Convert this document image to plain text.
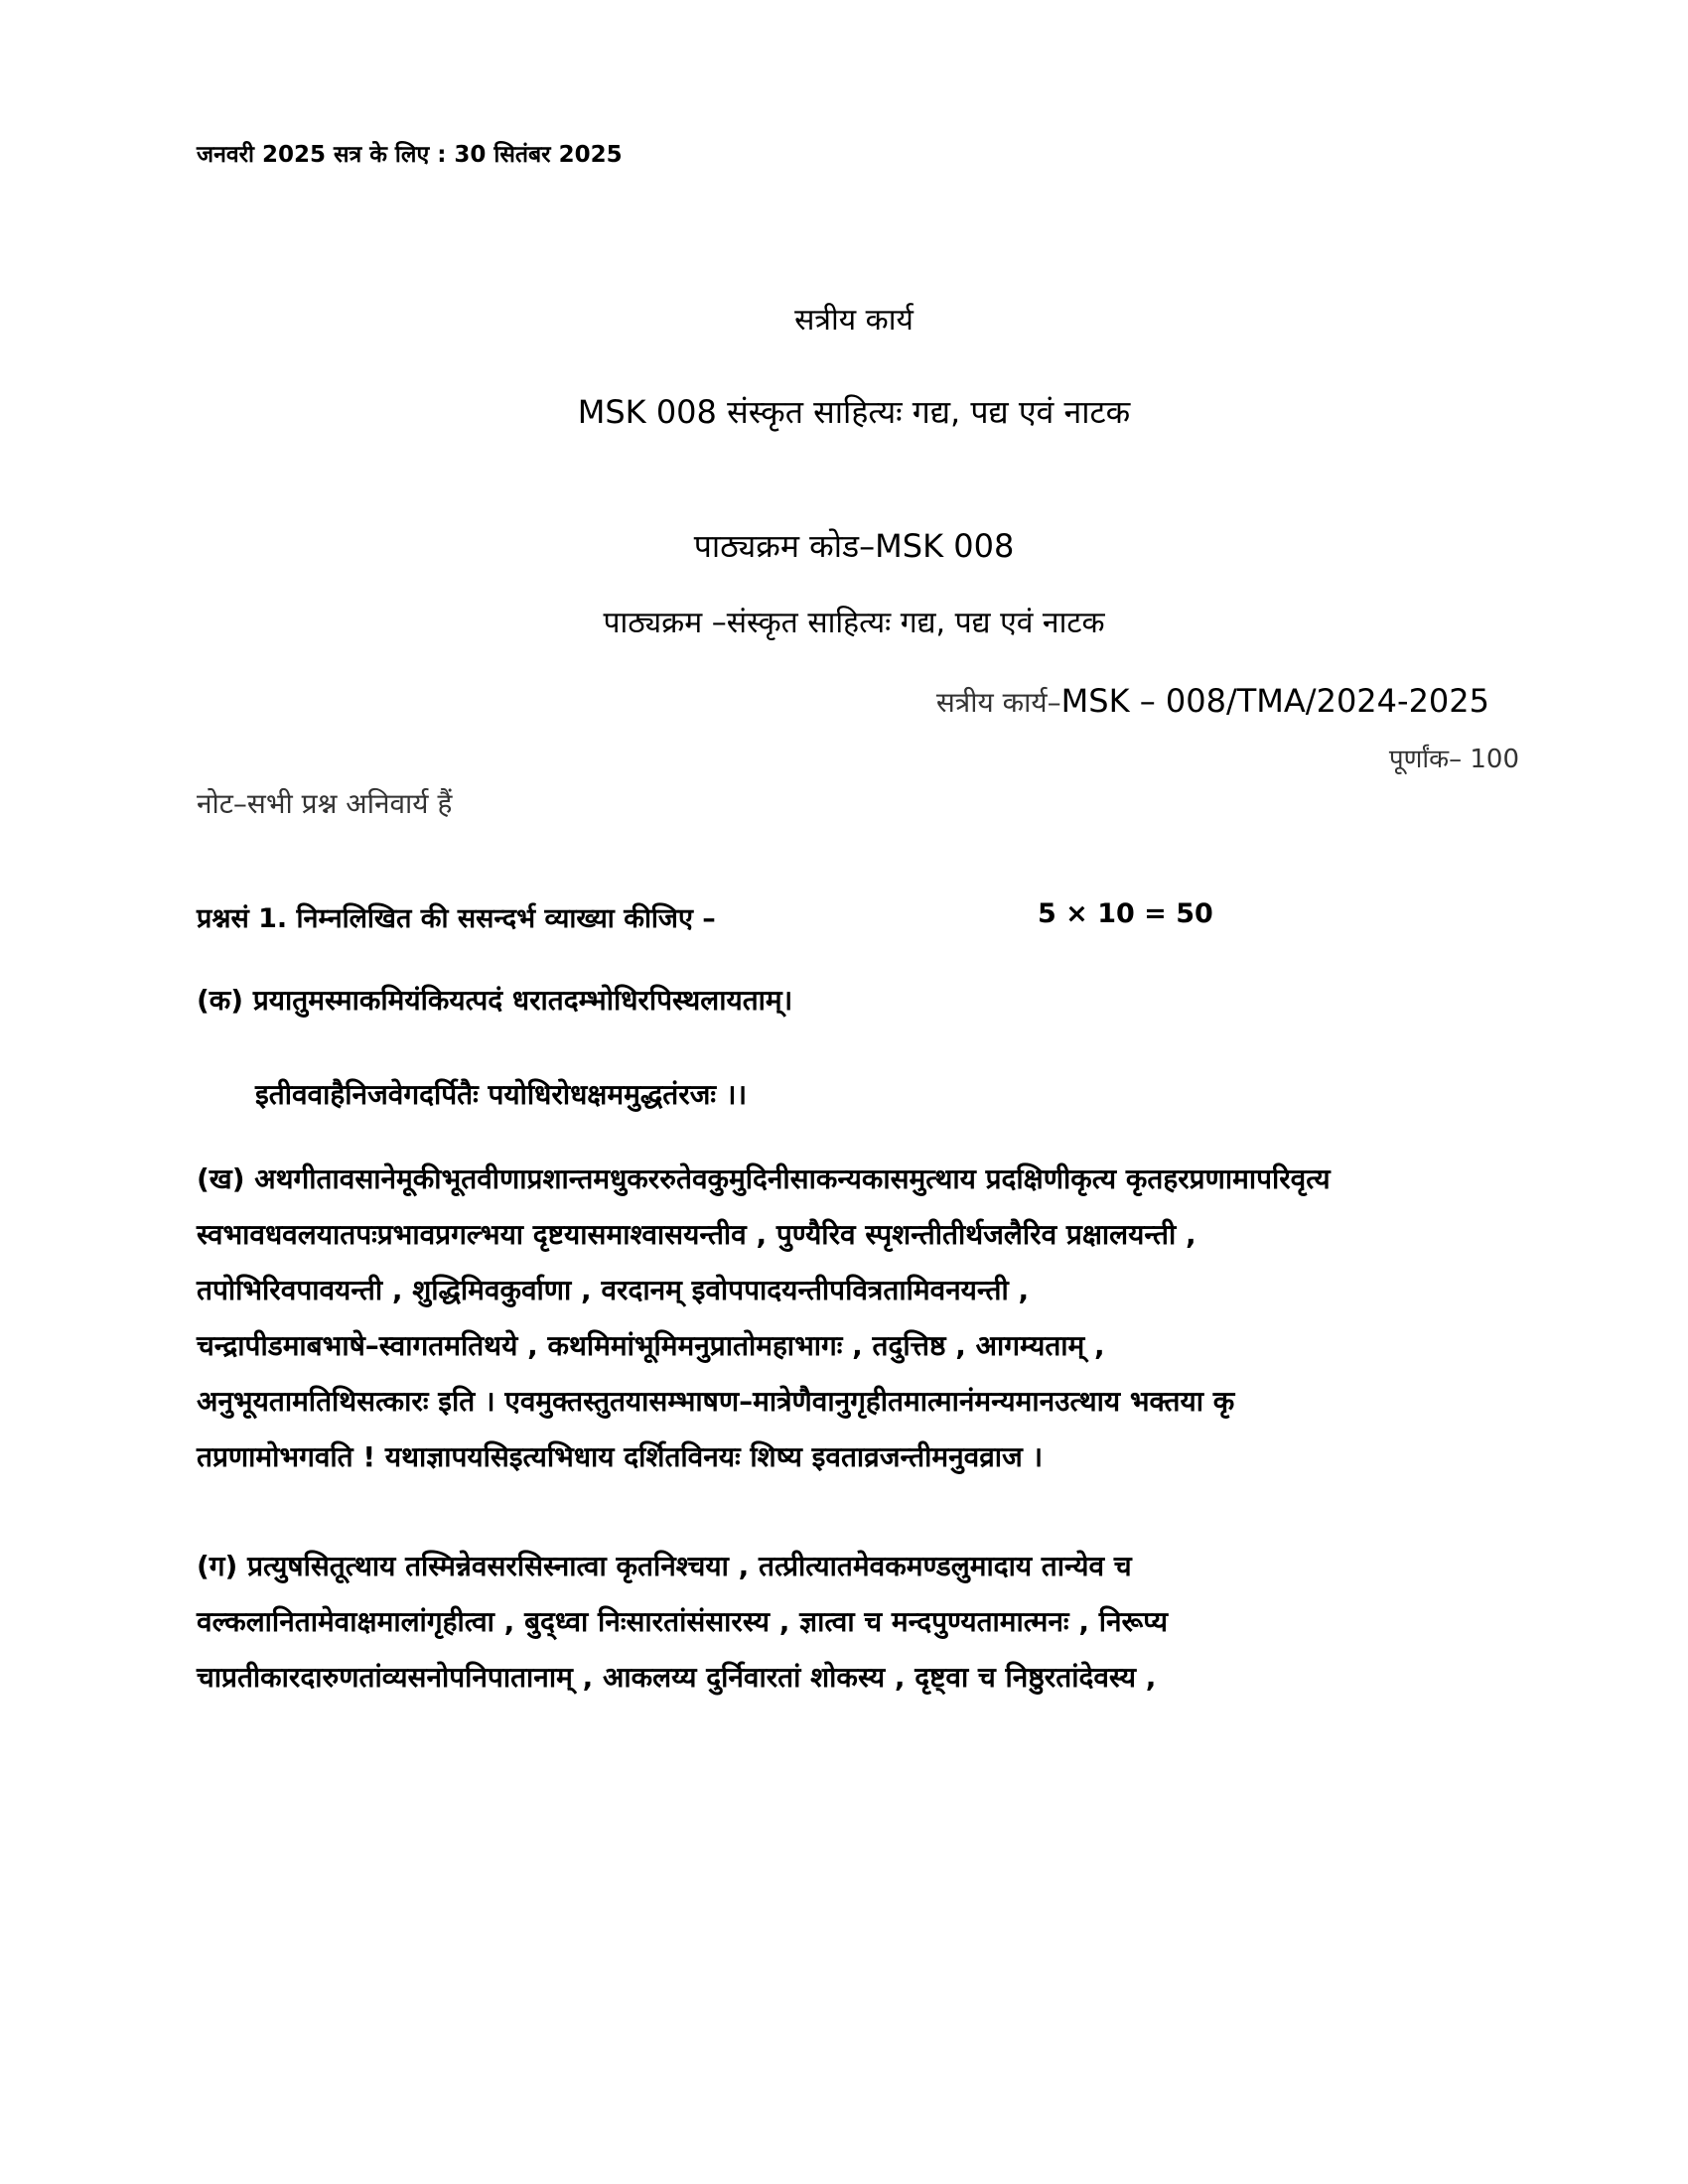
जनवरी 2025 सत्र के लिए : 30 सितंबर 2025
सत्रीय कार्य
MSK 008 संस्कृत साहित्यः गद्य, पद्य एवं नाटक
पाठ्यक्रम कोड–MSK 008
पाठ्यक्रम –संस्कृत साहित्यः गद्य, पद्य एवं नाटक
सत्रीय कार्य–MSK – 008/TMA/2024-2025
पूर्णांक– 100
नोट–सभी प्रश्न अनिवार्य हैं
प्रश्नसं 1. निम्नलिखित की ससन्दर्भ व्याख्या कीजिए –	5 × 10 = 50
(क) प्रयातुमस्माकमियंकियत्पदं धरातदम्भोधिरपिस्थलायताम्।
इतीववाहैनिजवेगदर्पितैः पयोधिरोधक्षममुद्धतंरजः ।।
(ख) अथगीतावसानेमूकीभूतवीणाप्रशान्तमधुकररुतेवकुमुदिनीसाकन्यकासमुत्थाय प्रदक्षिणीकृत्य कृतहरप्रणामापरिवृत्य
स्वभावधवलयातपःप्रभावप्रगल्भया दृष्टयासमाश्वासयन्तीव , पुण्यैरिव स्पृशन्तीतीर्थजलैरिव प्रक्षालयन्ती ,
तपोभिरिवपावयन्ती , शुद्धिमिवकुर्वाणा , वरदानम् इवोपपादयन्तीपवित्रतामिवनयन्ती ,
चन्द्रापीडमाबभाषे–स्वागतमतिथये , कथमिमांभूमिमनुप्रातोमहाभागः , तदुत्तिष्ठ , आगम्यताम् ,
अनुभूयतामतिथिसत्कारः इति । एवमुक्तस्तुतयासम्भाषण–मात्रेणैवानुगृहीतमात्मानंमन्यमानउत्थाय भक्तया कृ
तप्रणामोभगवति ! यथाज्ञापयसिइत्यभिधाय दर्शितविनयः शिष्य इवताव्रजन्तीमनुवव्राज ।
(ग) प्रत्युषसितूत्थाय तस्मिन्नेवसरसिस्नात्वा कृतनिश्चया , तत्प्रीत्यातमेवकमण्डलुमादाय तान्येव च
वल्कलानितामेवाक्षमालांगृहीत्वा , बुद्ध्वा निःसारतांसंसारस्य , ज्ञात्वा च मन्दपुण्यतामात्मनः , निरूप्य
चाप्रतीकारदारुणतांव्यसनोपनिपातानाम् , आकलय्य दुर्निवारतां शोकस्य , दृष्ट्वा च निष्ठुरतांदेवस्य ,
